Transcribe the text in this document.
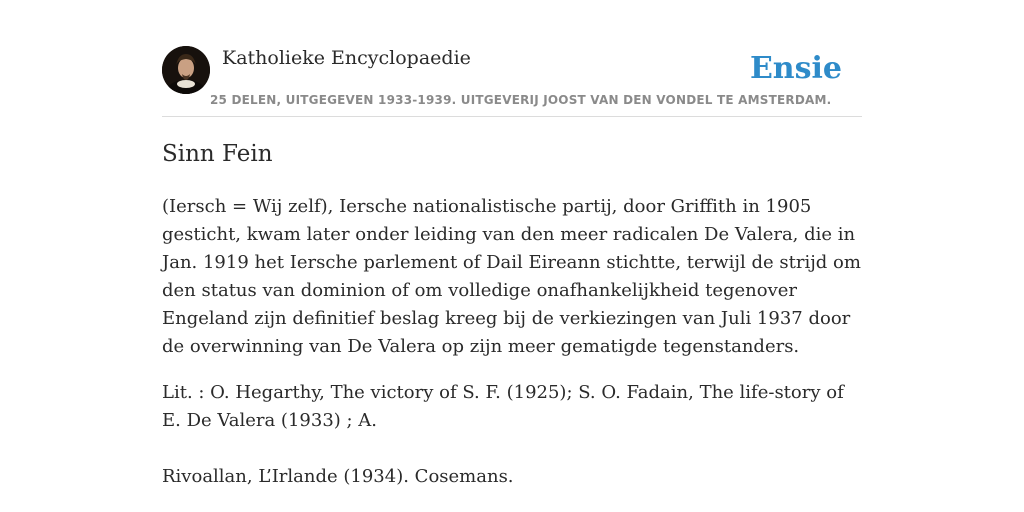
Katholieke Encyclopaedie
25 DELEN, UITGEGEVEN 1933-1939. UITGEVERIJ JOOST VAN DEN VONDEL TE AMSTERDAM.
Ensie
Sinn Fein

(Iersch = Wij zelf), Iersche nationalistische partij, door Griffith in 1905 gesticht, kwam later onder leiding van den meer radicalen De Valera, die in Jan. 1919 het Iersche parlement of Dail Eireann stichtte, terwijl de strijd om den status van dominion of om volledige onafhankelijkheid tegenover Engeland zijn definitief beslag kreeg bij de verkiezingen van Juli 1937 door de overwinning van De Valera op zijn meer gematigde tegenstanders.

Lit. : O. Hegarthy, The victory of S. F. (1925); S. O. Fadain, The life-story of E. De Valera (1933) ; A.

Rivoallan, L’Irlande (1934). Cosemans.
